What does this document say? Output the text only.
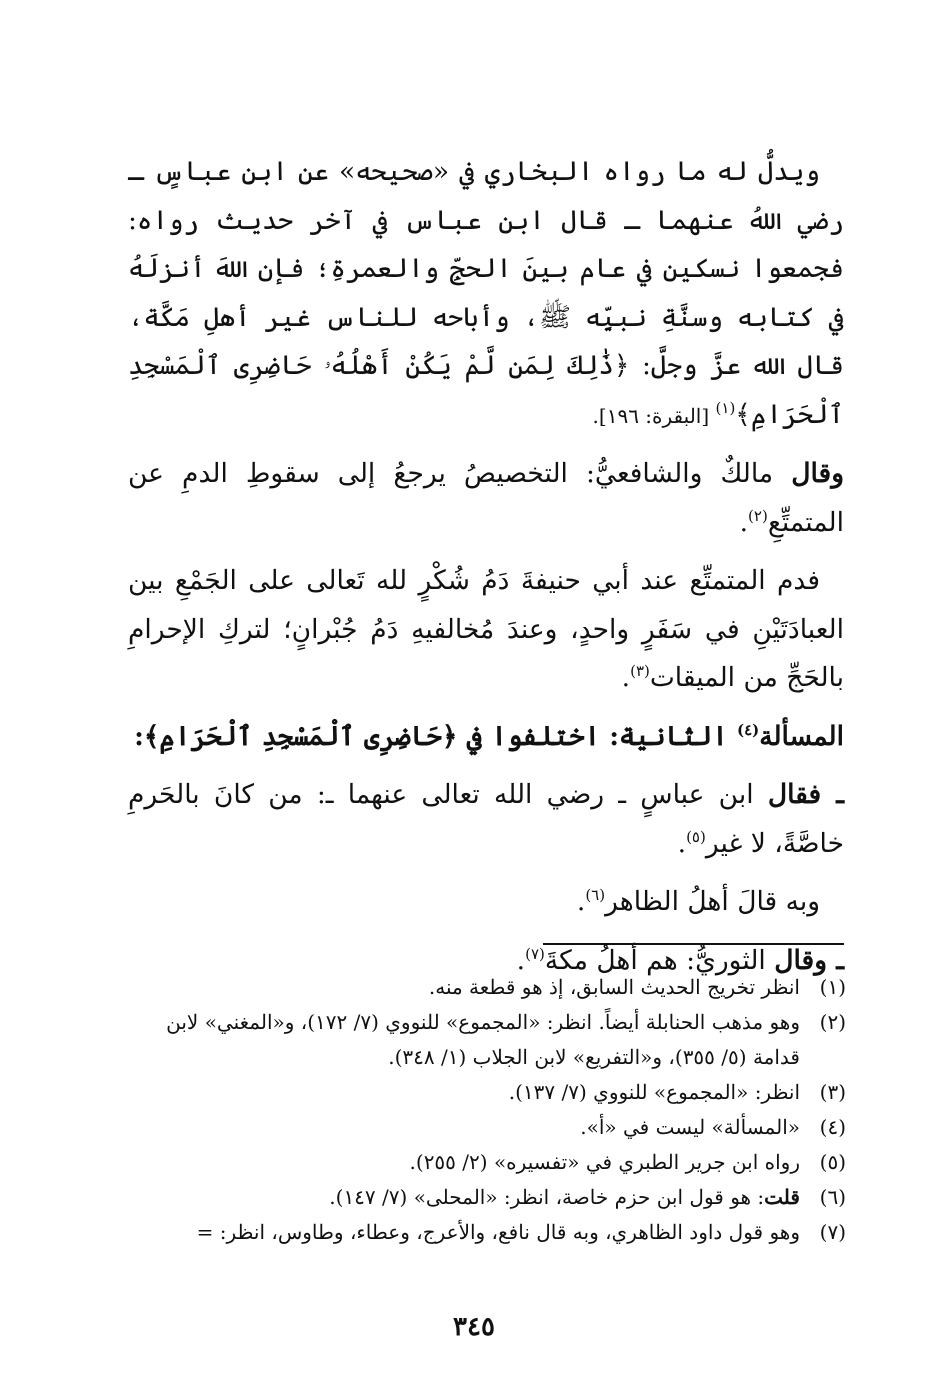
ويدلُّ له ما رواه البخاري في «صحيحه» عن ابنِ عباسٍ ـ رضي اللهُ عنهما ـ قال ابن عباس في آخر حديث رواه: فجمعوا نسكين في عام بينَ الحجِّ والعمرةِ؛ فإن اللهَ أنزلَهُ في كتابه وسنَّةِ نبيِّه ﷺ، وأباحه للناس غير أهلِ مَكَّة، قال الله عزَّ وجلَّ: ﴿ذَٰلِكَ لِمَن لَّمْ يَكُنْ أَهْلُهُۥ حَاضِرِى ٱلْمَسْجِدِ ٱلْحَرَامِ﴾$^{(١)}$ [البقرة: ١٩٦].

وقال مالكٌ والشافعيُّ: التخصيصُ يرجعُ إلى سقوطِ الدمِ عن المتمتِّعِ$^{(٢)}$.

فدم المتمتِّع عند أبي حنيفةَ دَمُ شُكْرٍ لله تَعالى على الجَمْعِ بين العبادَتَيْنِ في سَفَرٍ واحدٍ، وعندَ مُخالفيهِ دَمُ جُبْرانٍ؛ لتركِ الإحرامِ بالحَجِّ من الميقات$^{(٣)}$.

المسألة$^{(٤)}$ الثانية: اختلفوا في ﴿حَاضِرِى ٱلْمَسْجِدِ ٱلْحَرَامِ﴾:

ـ فقال ابن عباسٍ ـ رضي الله تعالى عنهما ـ: من كانَ بالحَرمِ خاصَّةً، لا غير$^{(٥)}$.

وبه قالَ أهلُ الظاهر$^{(٦)}$.

ـ وقال الثوريُّ: هم أهلُ مكةَ$^{(٧)}$.

(١)
انظر تخريج الحديث السابق، إذ هو قطعة منه.
(٢)
وهو مذهب الحنابلة أيضاً. انظر: «المجموع» للنووي (٧/ ١٧٢)، و«المغني» لابن قدامة (٥/ ٣٥٥)، و«التفريع» لابن الجلاب (١/ ٣٤٨).
(٣)
انظر: «المجموع» للنووي (٧/ ١٣٧).
(٤)
«المسألة» ليست في «أ».
(٥)
رواه ابن جرير الطبري في «تفسيره» (٢/ ٢٥٥).
(٦)
قلت: هو قول ابن حزم خاصة، انظر: «المحلى» (٧/ ١٤٧).
(٧)
وهو قول داود الظاهري، وبه قال نافع، والأعرج، وعطاء، وطاوس، انظر: =
٣٤٥
